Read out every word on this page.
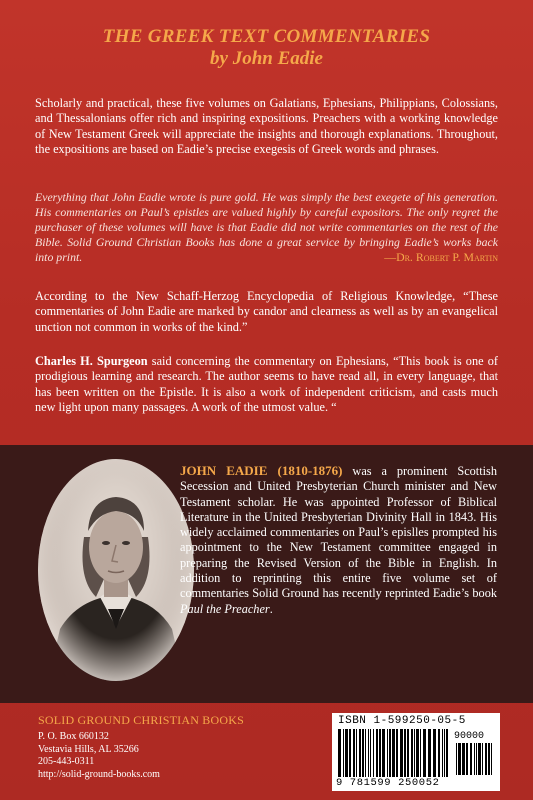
THE GREEK TEXT COMMENTARIES
by John Eadie
Scholarly and practical, these five volumes on Galatians, Ephesians, Philippians, Colossians, and Thessalonians offer rich and inspiring expositions. Preachers with a working knowledge of New Testament Greek will appreciate the insights and thorough explanations. Throughout, the expositions are based on Eadie’s precise exegesis of Greek words and phrases.
Everything that John Eadie wrote is pure gold. He was simply the best exegete of his generation. His commentaries on Paul’s epistles are valued highly by careful expositors. The only regret the purchaser of these volumes will have is that Eadie did not write commentaries on the rest of the Bible. Solid Ground Christian Books has done a great service by bringing Eadie’s works back into print.	—Dr. Robert P. Martin
According to the New Schaff-Herzog Encyclopedia of Religious Knowledge, “These commentaries of John Eadie are marked by candor and clearness as well as by an evangelical unction not common in works of the kind.”
Charles H. Spurgeon said concerning the commentary on Ephesians, “This book is one of prodigious learning and research. The author seems to have read all, in every language, that has been written on the Epistle. It is also a work of independent criticism, and casts much new light upon many passages. A work of the utmost value. “
JOHN EADIE (1810-1876) was a prominent Scottish Secession and United Presbyterian Church minister and New Testament scholar. He was appointed Professor of Biblical Literature in the United Presbyterian Divinity Hall in 1843. His widely acclaimed commentaries on Paul’s epislles prompted his appointment to the New Testament committee engaged in preparing the Revised Version of the Bible in English. In addition to reprinting this entire five volume set of commentaries Solid Ground has recently reprinted Eadie’s book Paul the Preacher.
SOLID GROUND CHRISTIAN BOOKS
P. O. Box 660132
Vestavia Hills, AL 35266
205-443-0311
http://solid-ground-books.com
ISBN 1-599250-05-5
90000
9 781599 250052
